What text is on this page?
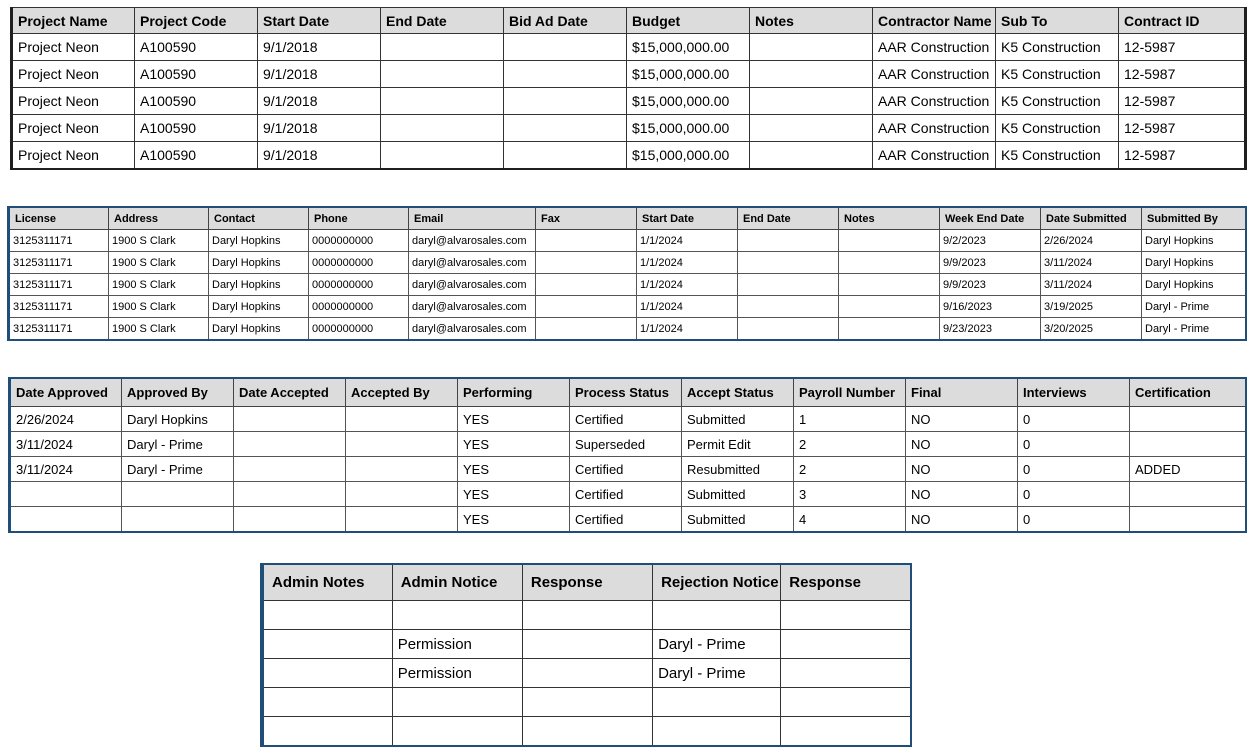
Project Name	Project Code	Start Date	End Date	Bid Ad Date	Budget	Notes	Contractor Name	Sub To	Contract ID
Project Neon	A100590	9/1/2018			$15,000,000.00		AAR Construction	K5 Construction	12-5987
Project Neon	A100590	9/1/2018			$15,000,000.00		AAR Construction	K5 Construction	12-5987
Project Neon	A100590	9/1/2018			$15,000,000.00		AAR Construction	K5 Construction	12-5987
Project Neon	A100590	9/1/2018			$15,000,000.00		AAR Construction	K5 Construction	12-5987
Project Neon	A100590	9/1/2018			$15,000,000.00		AAR Construction	K5 Construction	12-5987
License	Address	Contact	Phone	Email	Fax	Start Date	End Date	Notes	Week End Date	Date Submitted	Submitted By
3125311171	1900 S Clark	Daryl Hopkins	0000000000	daryl@alvarosales.com		1/1/2024			9/2/2023	2/26/2024	Daryl Hopkins
3125311171	1900 S Clark	Daryl Hopkins	0000000000	daryl@alvarosales.com		1/1/2024			9/9/2023	3/11/2024	Daryl Hopkins
3125311171	1900 S Clark	Daryl Hopkins	0000000000	daryl@alvarosales.com		1/1/2024			9/9/2023	3/11/2024	Daryl Hopkins
3125311171	1900 S Clark	Daryl Hopkins	0000000000	daryl@alvarosales.com		1/1/2024			9/16/2023	3/19/2025	Daryl - Prime
3125311171	1900 S Clark	Daryl Hopkins	0000000000	daryl@alvarosales.com		1/1/2024			9/23/2023	3/20/2025	Daryl - Prime
Date Approved	Approved By	Date Accepted	Accepted By	Performing	Process Status	Accept Status	Payroll Number	Final	Interviews	Certification
2/26/2024	Daryl Hopkins			YES	Certified	Submitted	1	NO	0	
3/11/2024	Daryl - Prime			YES	Superseded	Permit Edit	2	NO	0	
3/11/2024	Daryl - Prime			YES	Certified	Resubmitted	2	NO	0	ADDED
				YES	Certified	Submitted	3	NO	0	
				YES	Certified	Submitted	4	NO	0	
Admin Notes	Admin Notice	Response	Rejection Notice	Response

	Permission		Daryl - Prime	
	Permission		Daryl - Prime	
